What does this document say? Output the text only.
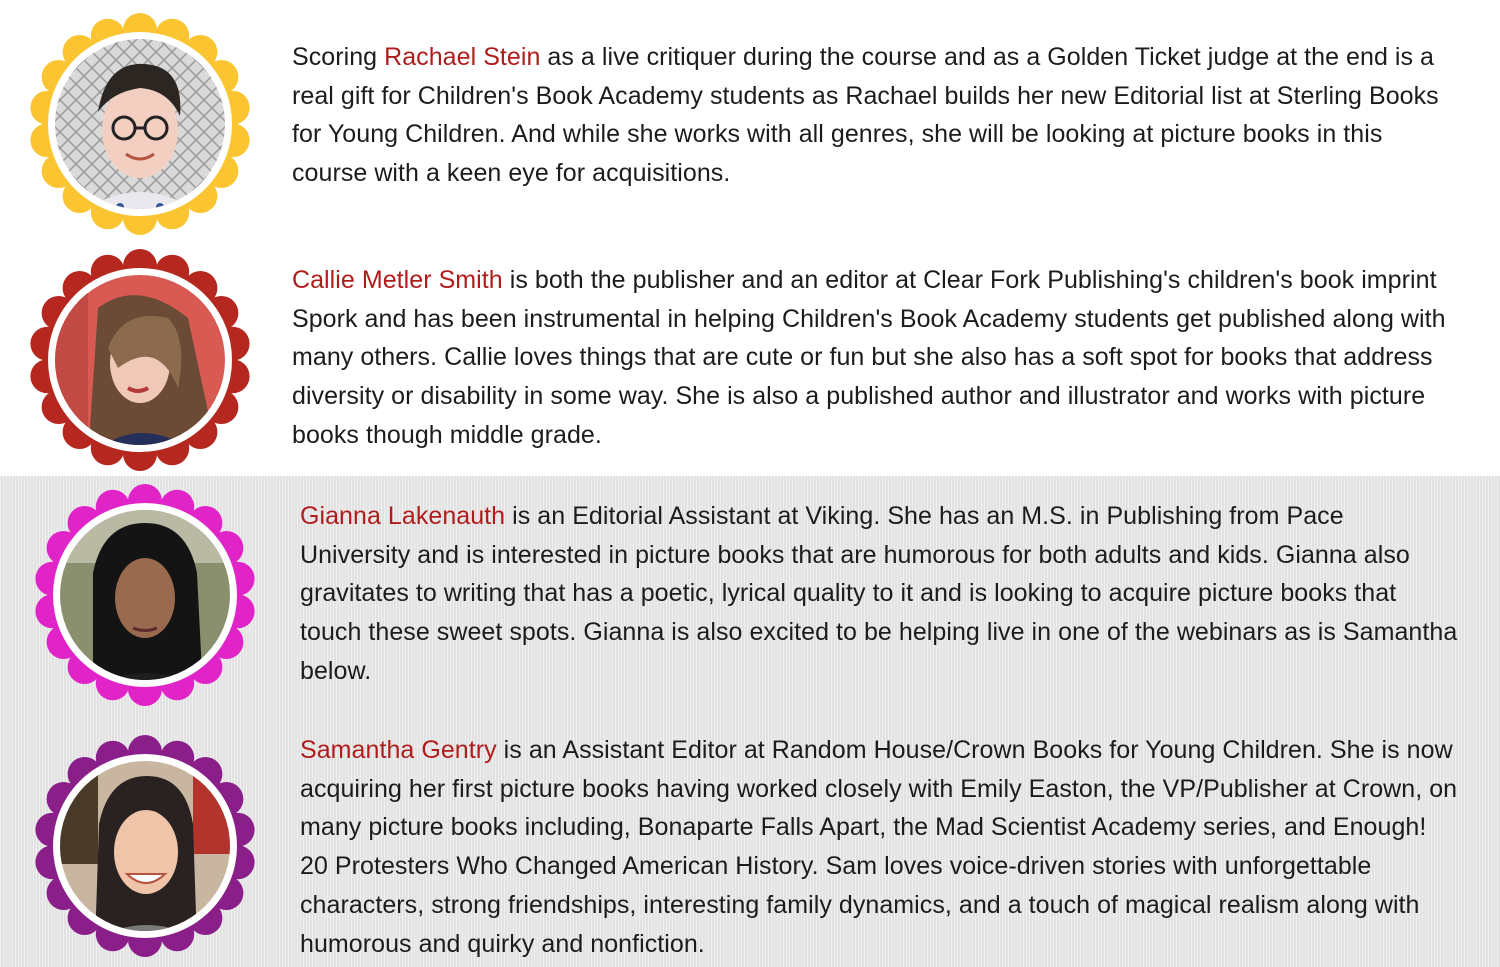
Scoring Rachael Stein as a live critiquer during the course and as a Golden Ticket judge at the end is a real gift for Children's Book Academy students as Rachael builds her new Editorial list at Sterling Books for Young Children. And while she works with all genres, she will be looking at picture books in this course with a keen eye for acquisitions.

Callie Metler Smith is both the publisher and an editor at Clear Fork Publishing's children's book imprint Spork and has been instrumental in helping Children's Book Academy students get published along with many others. Callie loves things that are cute or fun but she also has a soft spot for books that address diversity or disability in some way. She is also a published author and illustrator and works with picture books though middle grade.

Gianna Lakenauth is an Editorial Assistant at Viking. She has an M.S. in Publishing from Pace University and is interested in picture books that are humorous for both adults and kids. Gianna also gravitates to writing that has a poetic, lyrical quality to it and is looking to acquire picture books that touch these sweet spots. Gianna is also excited to be helping live in one of the webinars as is Samantha below.

Samantha Gentry is an Assistant Editor at Random House/Crown Books for Young Children. She is now acquiring her first picture books having worked closely with Emily Easton, the VP/Publisher at Crown, on many picture books including, Bonaparte Falls Apart, the Mad Scientist Academy series, and Enough! 20 Protesters Who Changed American History. Sam loves voice-driven stories with unforgettable characters, strong friendships, interesting family dynamics, and a touch of magical realism along with humorous and quirky and nonfiction.
